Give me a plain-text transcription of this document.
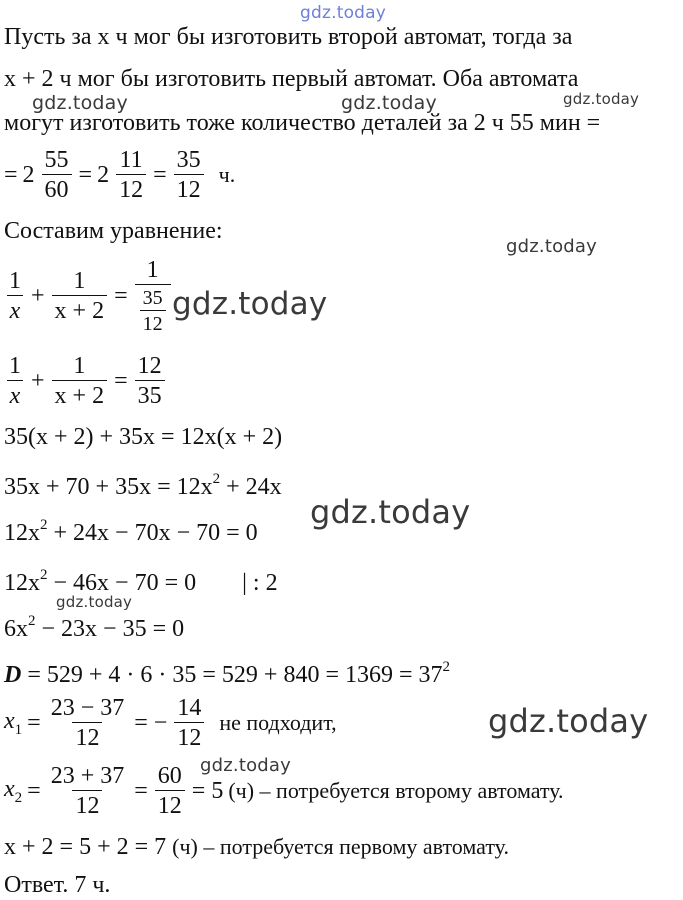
gdz.today
gdz.today	gdz.today	gdz.today
gdz.today
gdz.today
gdz.today
gdz.today
gdz.today
gdz.today
Пусть за x ч мог бы изготовить второй автомат, тогда за
x + 2 ч мог бы изготовить первый автомат. Оба автомата
могут изготовить тоже количество деталей за 2 ч 55 мин =
= $2 \frac{55}{60} = 2 \frac{11}{12} = \frac{35}{12} ч$.
Составим уравнение:
$\frac{1}{x} + \frac{1}{x + 2} = \frac{1}{\frac{35}{12}}$
$\frac{1}{x} + \frac{1}{x + 2} = \frac{12}{35}$
35(x + 2) + 35x = 12x(x + 2)
$35x + 70 + 35x = 12x^2 + 24x$
$12x^2 + 24x - 70x - 70 = 0$
$12x^2 - 46x - 70 = 0$ | : 2
$6x^2 - 23x - 35 = 0$
$D = 529 + 4 \cdot 6 \cdot 35 = 529 + 840 = 1369 = 37^2$
$x_1 = \frac{23 - 37}{12}$ = − $\frac{14}{12}$ не подходит,
$x_2 = \frac{23 + 37}{12} = \frac{60}{12} = 5$ (ч) – потребуется второму автомату.
x + 2 = 5 + 2 = 7 (ч) – потребуется первому автомату.
Ответ. 7 ч.
